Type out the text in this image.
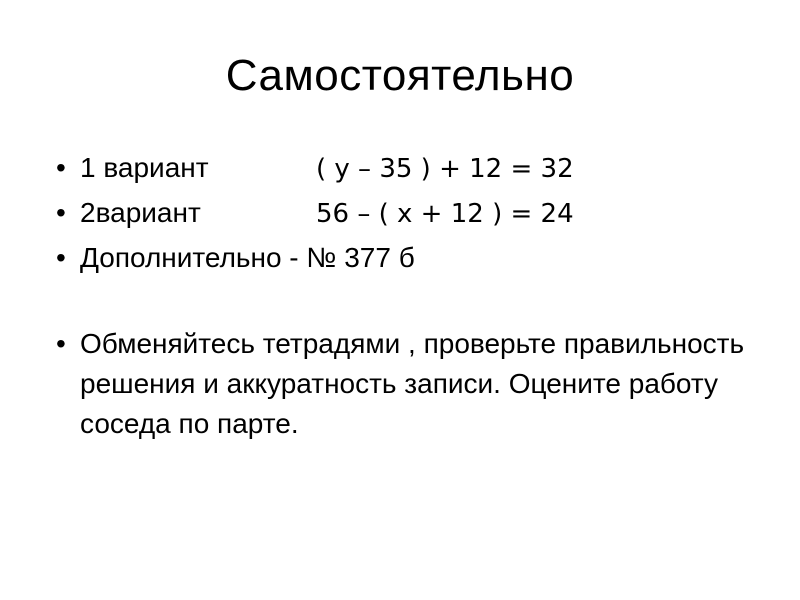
Самостоятельно
• 1 вариант	( у – 35 ) + 12 = 32
• 2вариант	56 – ( х + 12 ) = 24
• Дополнительно - № 377 б
• Обменяйтесь тетрадями , проверьте правильность решения и аккуратность записи. Оцените работу соседа по парте.
